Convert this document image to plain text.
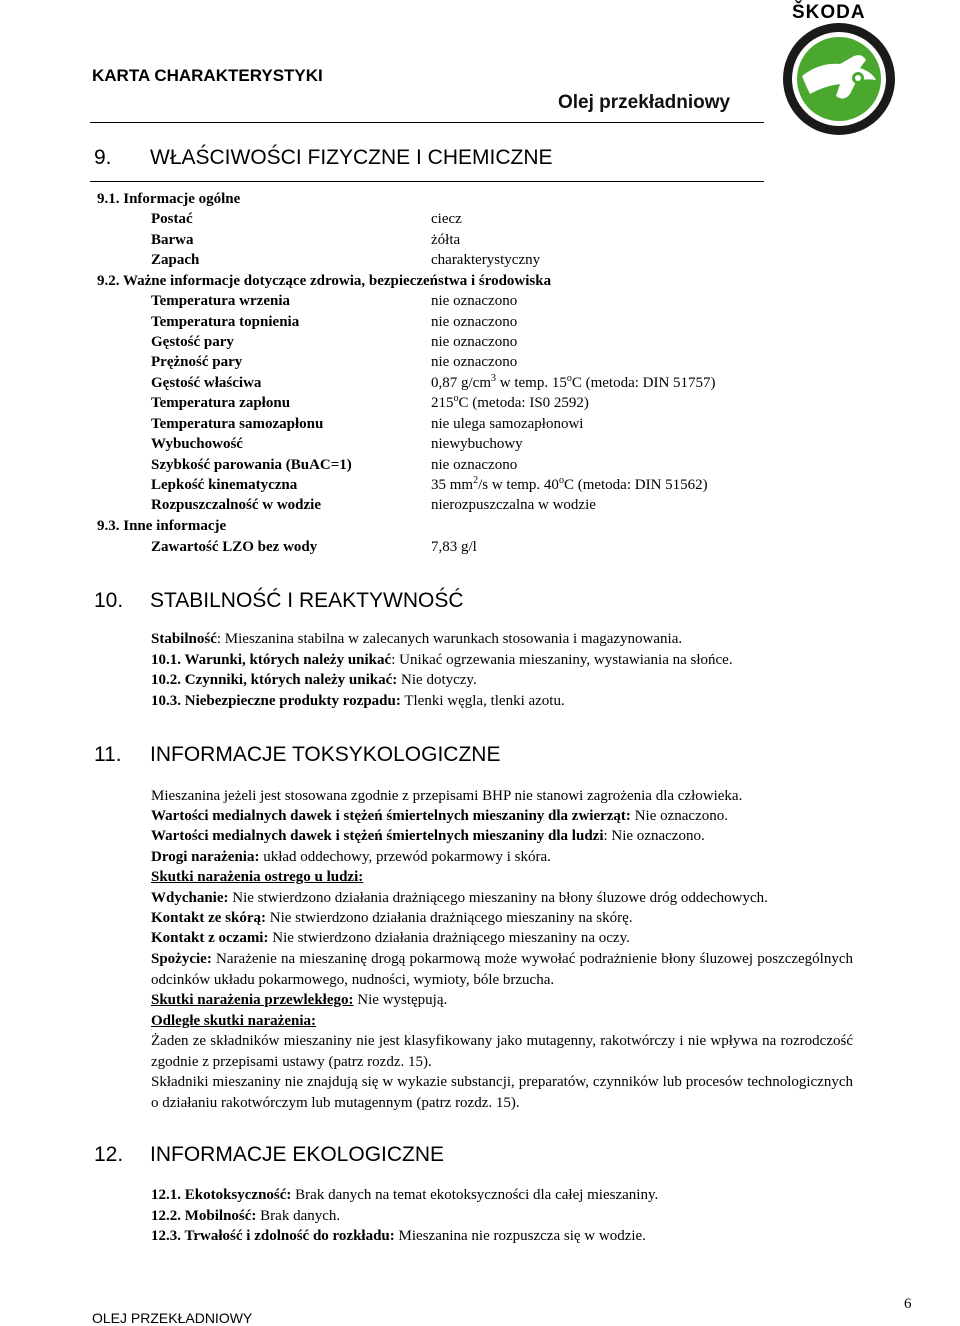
ŠKODA
KARTA CHARAKTERYSTYKI
Olej przekładniowy
9. WŁAŚCIWOŚCI FIZYCZNE I CHEMICZNE
9.1. Informacje ogólne
Postać	ciecz
Barwa	żółta
Zapach	charakterystyczny
9.2. Ważne informacje dotyczące zdrowia, bezpieczeństwa i środowiska
Temperatura wrzenia	nie oznaczono
Temperatura topnienia	nie oznaczono
Gęstość pary	nie oznaczono
Prężność pary	nie oznaczono
Gęstość właściwa	0,87 $g/cm^3$ w temp. 15$^o$C (metoda: DIN 51757)
Temperatura zapłonu	215$^o$C (metoda: IS0 2592)
Temperatura samozapłonu	nie ulega samozapłonowi
Wybuchowość	niewybuchowy
Szybkość parowania (BuAC=1)	nie oznaczono
Lepkość kinematyczna	35 $mm^2/s$ w temp. 40$^o$C (metoda: DIN 51562)
Rozpuszczalność w wodzie	nierozpuszczalna w wodzie
9.3. Inne informacje
Zawartość LZO bez wody	7,83 g/l
10. STABILNOŚĆ I REAKTYWNOŚĆ
Stabilność: Mieszanina stabilna w zalecanych warunkach stosowania i magazynowania.
10.1. Warunki, których należy unikać: Unikać ogrzewania mieszaniny, wystawiania na słońce.
10.2. Czynniki, których należy unikać: Nie dotyczy.
10.3. Niebezpieczne produkty rozpadu: Tlenki węgla, tlenki azotu.
11. INFORMACJE TOKSYKOLOGICZNE
Mieszanina jeżeli jest stosowana zgodnie z przepisami BHP nie stanowi zagrożenia dla człowieka.
Wartości medialnych dawek i stężeń śmiertelnych mieszaniny dla zwierząt: Nie oznaczono.
Wartości medialnych dawek i stężeń śmiertelnych mieszaniny dla ludzi: Nie oznaczono.
Drogi narażenia: układ oddechowy, przewód pokarmowy i skóra.
Skutki narażenia ostrego u ludzi:
Wdychanie: Nie stwierdzono działania drażniącego mieszaniny na błony śluzowe dróg oddechowych.
Kontakt ze skórą: Nie stwierdzono działania drażniącego mieszaniny na skórę.
Kontakt z oczami: Nie stwierdzono działania drażniącego mieszaniny na oczy.
Spożycie: Narażenie na mieszaninę drogą pokarmową może wywołać podrażnienie błony śluzowej poszczególnych odcinków układu pokarmowego, nudności, wymioty, bóle brzucha.
Skutki narażenia przewlekłego: Nie występują.
Odległe skutki narażenia:
Żaden ze składników mieszaniny nie jest klasyfikowany jako mutagenny, rakotwórczy i nie wpływa na rozrodczość zgodnie z przepisami ustawy (patrz rozdz. 15).
Składniki mieszaniny nie znajdują się w wykazie substancji, preparatów, czynników lub procesów technologicznych o działaniu rakotwórczym lub mutagennym (patrz rozdz. 15).
12. INFORMACJE EKOLOGICZNE
12.1. Ekotoksyczność: Brak danych na temat ekotoksyczności dla całej mieszaniny.
12.2. Mobilność: Brak danych.
12.3. Trwałość i zdolność do rozkładu: Mieszanina nie rozpuszcza się w wodzie.
OLEJ PRZEKŁADNIOWY
6
